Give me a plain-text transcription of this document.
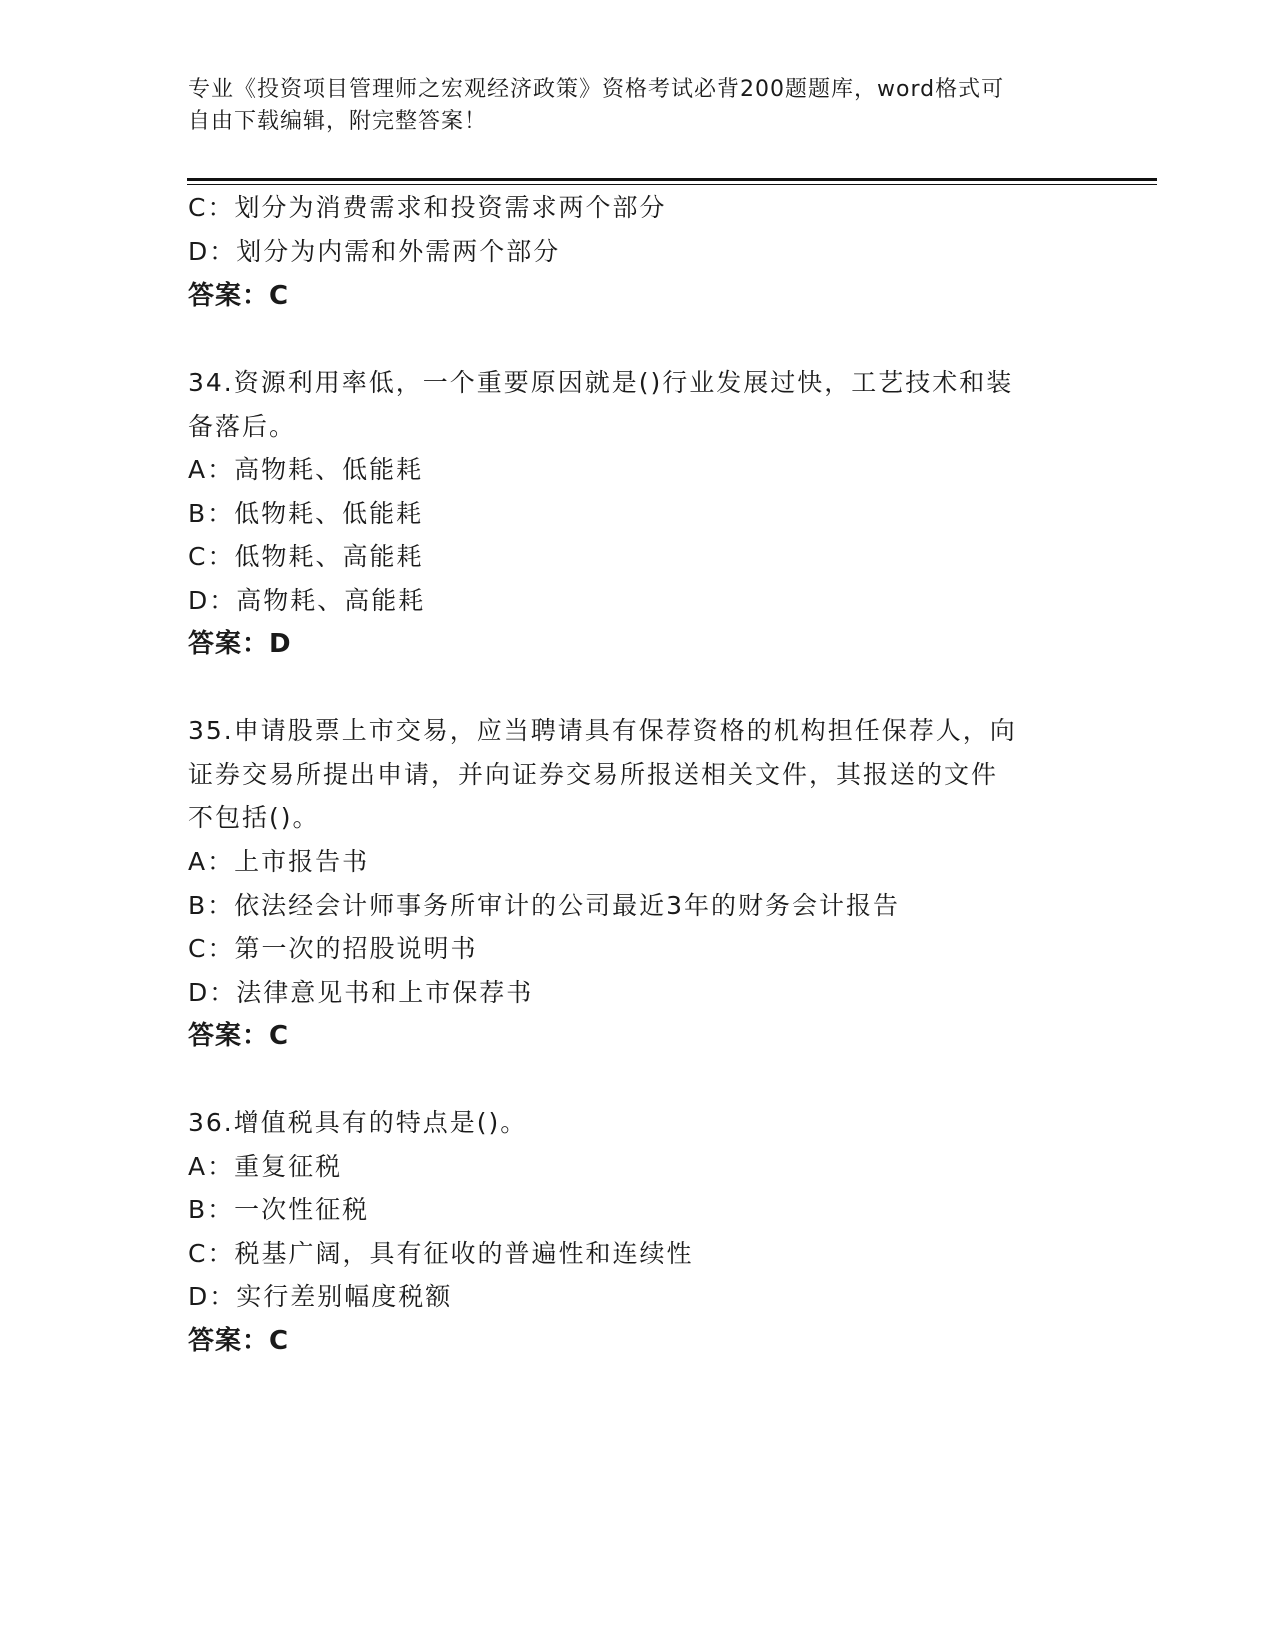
专业《投资项目管理师之宏观经济政策》资格考试必背200题题库，word格式可
自由下载编辑，附完整答案！
C：划分为消费需求和投资需求两个部分
D：划分为内需和外需两个部分
答案：C
34.资源利用率低，一个重要原因就是()行业发展过快，工艺技术和装
备落后。
A：高物耗、低能耗
B：低物耗、低能耗
C：低物耗、高能耗
D：高物耗、高能耗
答案：D
35.申请股票上市交易，应当聘请具有保荐资格的机构担任保荐人，向
证券交易所提出申请，并向证券交易所报送相关文件，其报送的文件
不包括()。
A：上市报告书
B：依法经会计师事务所审计的公司最近3年的财务会计报告
C：第一次的招股说明书
D：法律意见书和上市保荐书
答案：C
36.增值税具有的特点是()。
A：重复征税
B：一次性征税
C：税基广阔，具有征收的普遍性和连续性
D：实行差别幅度税额
答案：C
